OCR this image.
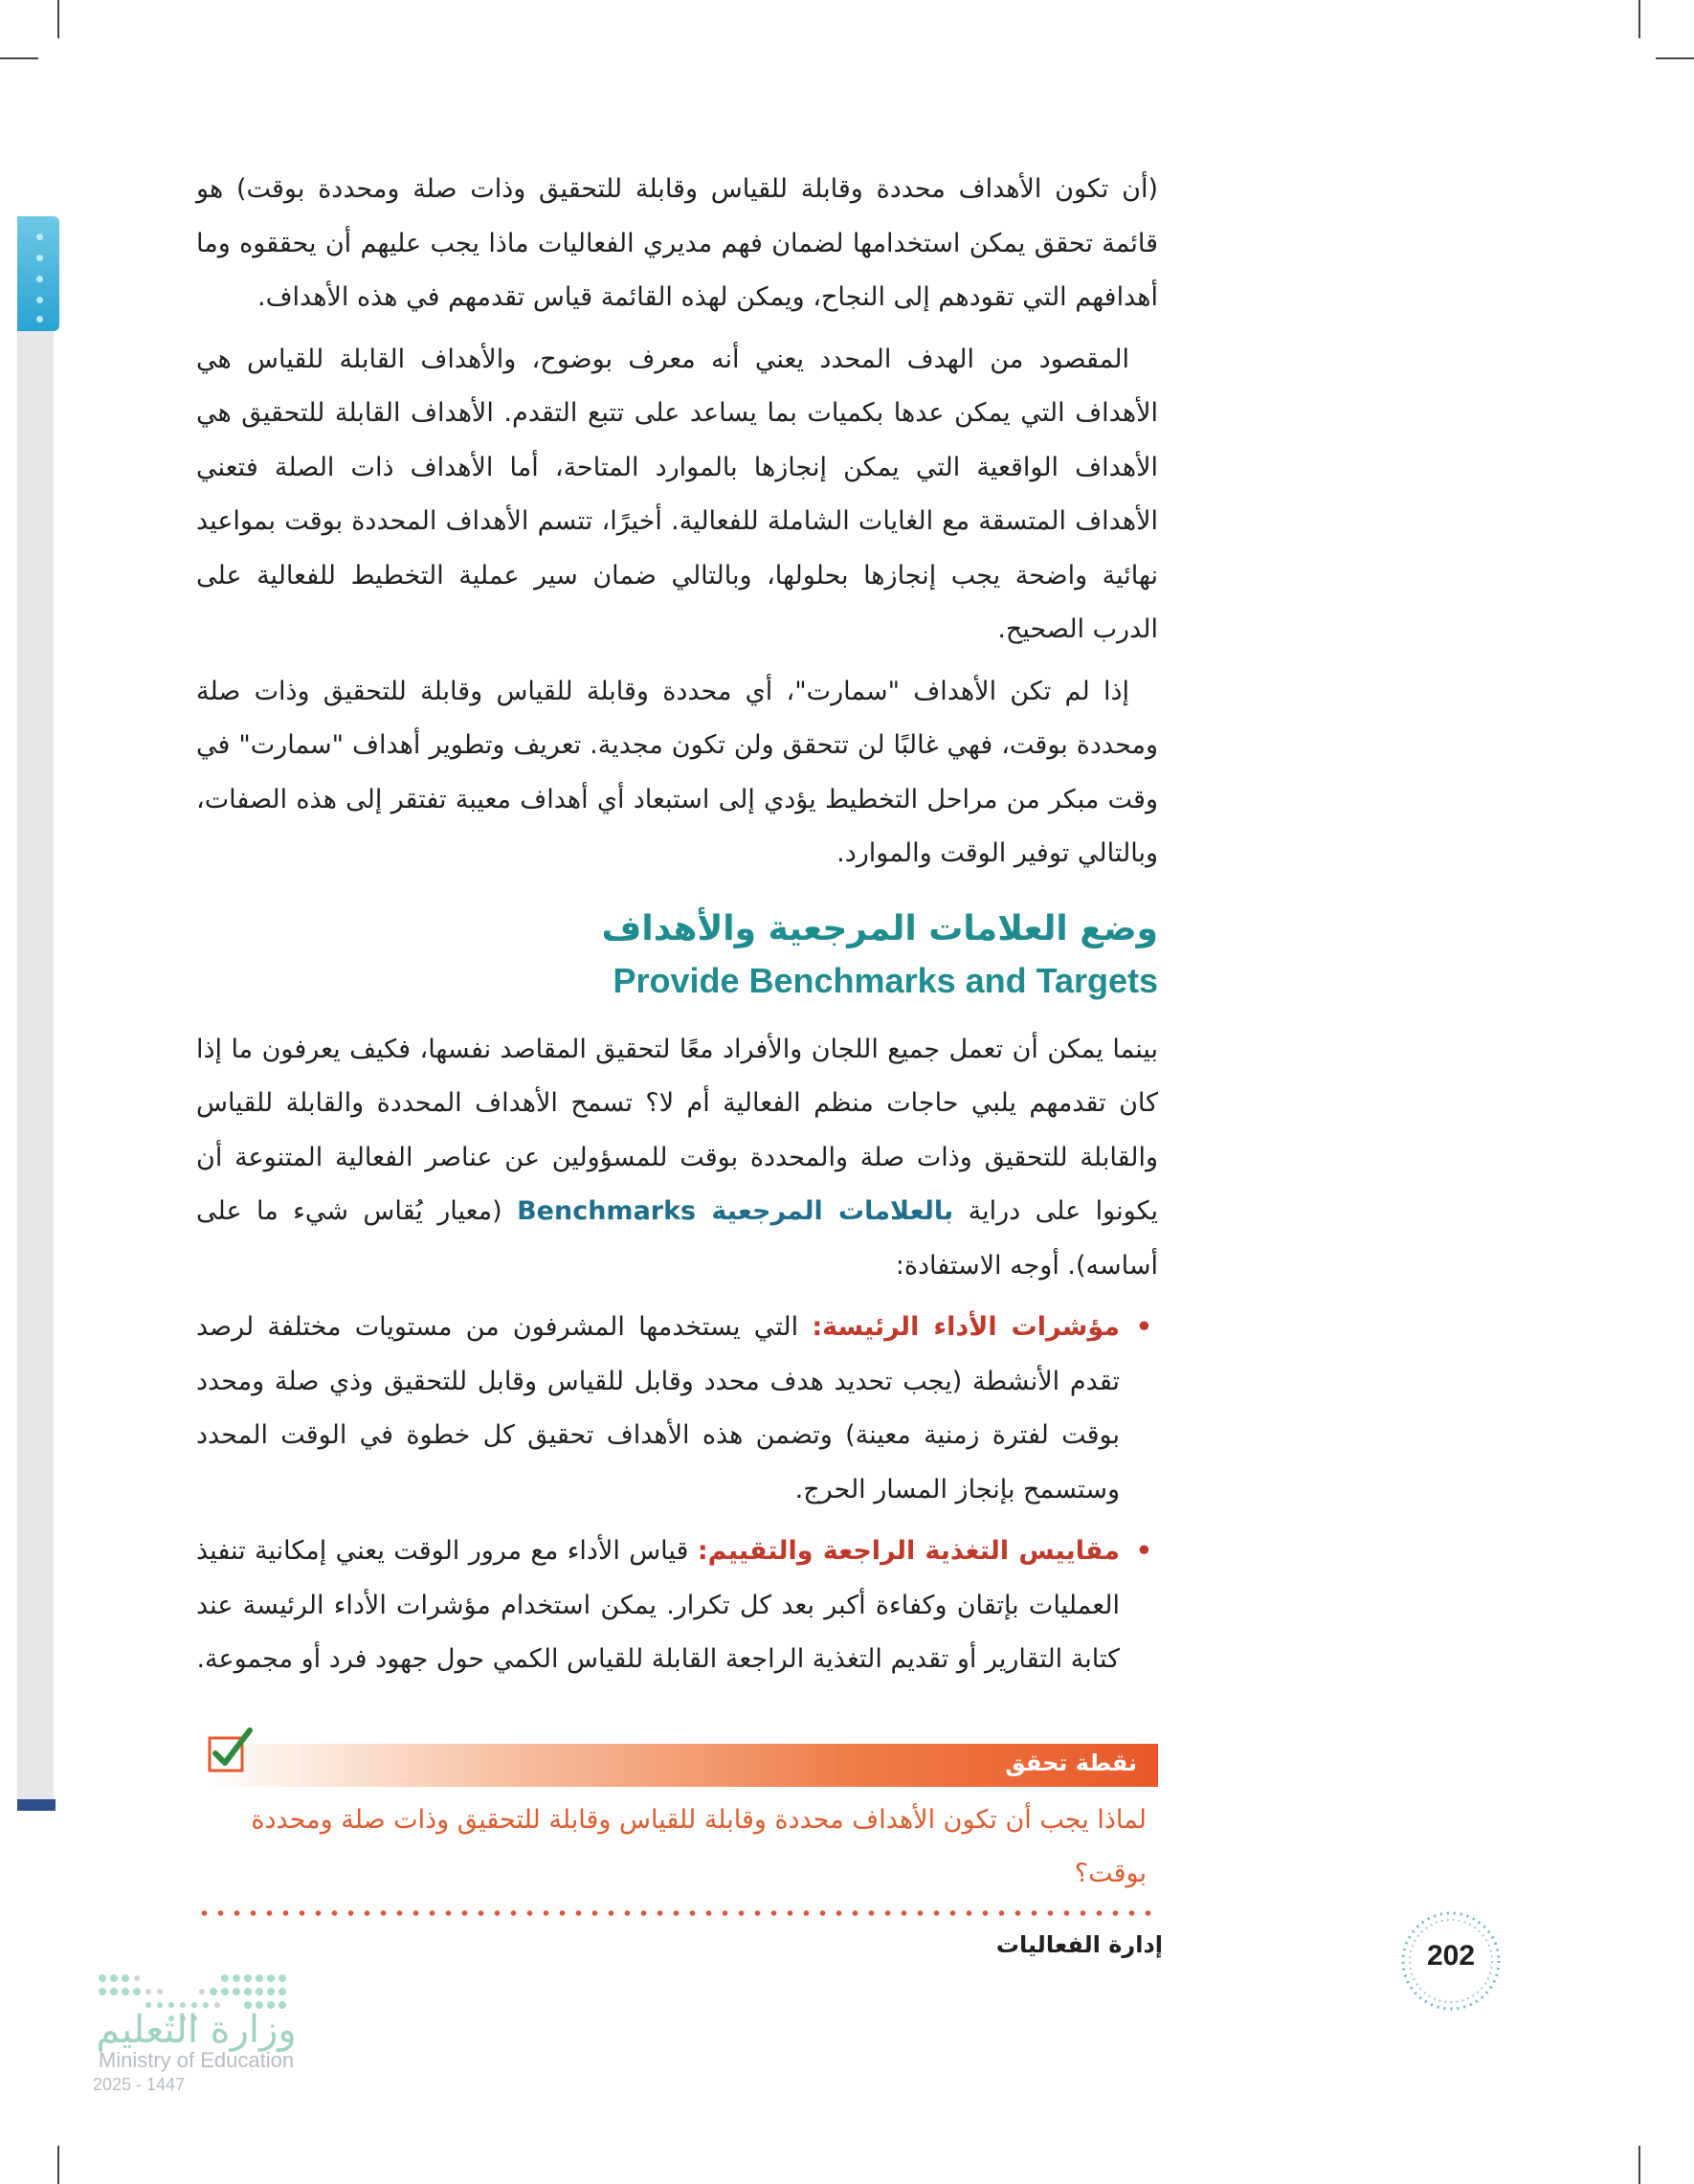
(أن تكون الأهداف محددة وقابلة للقياس وقابلة للتحقيق وذات صلة ومحددة بوقت) هو قائمة تحقق يمكن استخدامها لضمان فهم مديري الفعاليات ماذا يجب عليهم أن يحققوه وما أهدافهم التي تقودهم إلى النجاح، ويمكن لهذه القائمة قياس تقدمهم في هذه الأهداف.

المقصود من الهدف المحدد يعني أنه معرف بوضوح، والأهداف القابلة للقياس هي الأهداف التي يمكن عدها بكميات بما يساعد على تتبع التقدم. الأهداف القابلة للتحقيق هي الأهداف الواقعية التي يمكن إنجازها بالموارد المتاحة، أما الأهداف ذات الصلة فتعني الأهداف المتسقة مع الغايات الشاملة للفعالية. أخيرًا، تتسم الأهداف المحددة بوقت بمواعيد نهائية واضحة يجب إنجازها بحلولها، وبالتالي ضمان سير عملية التخطيط للفعالية على الدرب الصحيح.

إذا لم تكن الأهداف "سمارت"، أي محددة وقابلة للقياس وقابلة للتحقيق وذات صلة ومحددة بوقت، فهي غالبًا لن تتحقق ولن تكون مجدية. تعريف وتطوير أهداف "سمارت" في وقت مبكر من مراحل التخطيط يؤدي إلى استبعاد أي أهداف معيبة تفتقر إلى هذه الصفات، وبالتالي توفير الوقت والموارد.

وضع العلامات المرجعية والأهداف
Provide Benchmarks and Targets

بينما يمكن أن تعمل جميع اللجان والأفراد معًا لتحقيق المقاصد نفسها، فكيف يعرفون ما إذا كان تقدمهم يلبي حاجات منظم الفعالية أم لا؟ تسمح الأهداف المحددة والقابلة للقياس والقابلة للتحقيق وذات صلة والمحددة بوقت للمسؤولين عن عناصر الفعالية المتنوعة أن يكونوا على دراية بالعلامات المرجعية Benchmarks (معيار يُقاس شيء ما على أساسه). أوجه الاستفادة:

•
مؤشرات الأداء الرئيسة: التي يستخدمها المشرفون من مستويات مختلفة لرصد تقدم الأنشطة (يجب تحديد هدف محدد وقابل للقياس وقابل للتحقيق وذي صلة ومحدد بوقت لفترة زمنية معينة) وتضمن هذه الأهداف تحقيق كل خطوة في الوقت المحدد وستسمح بإنجاز المسار الحرج.
•
مقاييس التغذية الراجعة والتقييم: قياس الأداء مع مرور الوقت يعني إمكانية تنفيذ العمليات بإتقان وكفاءة أكبر بعد كل تكرار. يمكن استخدام مؤشرات الأداء الرئيسة عند كتابة التقارير أو تقديم التغذية الراجعة القابلة للقياس الكمي حول جهود فرد أو مجموعة.
نقطة تحقق
لماذا يجب أن تكون الأهداف محددة وقابلة للقياس وقابلة للتحقيق وذات صلة ومحددة بوقت؟
إدارة الفعاليات	202
وزارة التعليم
Ministry of Education
2025 - 1447
